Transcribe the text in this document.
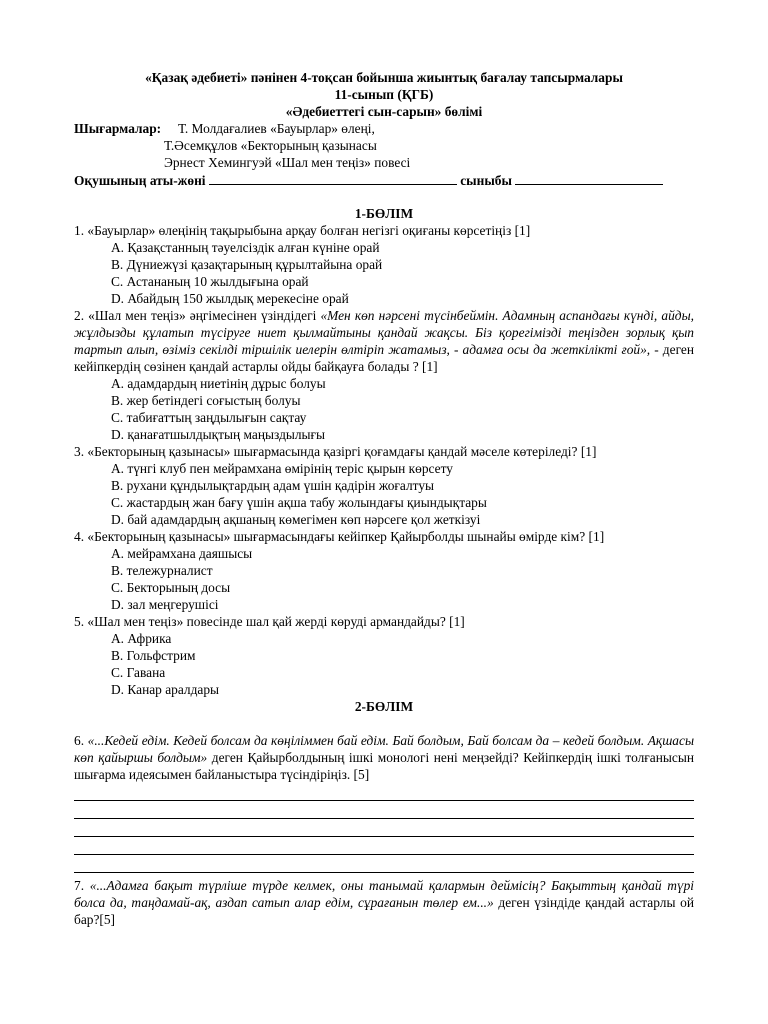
«Қазақ әдебиеті» пәнінен 4-тоқсан бойынша жиынтық бағалау тапсырмалары
11-сынып (ҚГБ)
«Әдебиеттегі сын-сарын» бөлімі
Шығармалар: Т. Молдағалиев «Бауырлар» өлеңі,
Т.Әсемқұлов «Бекторының қазынасы
Эрнест Хемингуэй «Шал мен теңіз» повесі
Оқушының аты-жөні	сыныбы
1-БӨЛІМ
1. «Бауырлар» өлеңінің тақырыбына арқау болған негізгі оқиғаны көрсетіңіз [1]
A. Қазақстанның тәуелсіздік алған күніне орай
B. Дүниежүзі қазақтарының құрылтайына орай
C. Астананың 10 жылдығына орай
D. Абайдың 150 жылдық мерекесіне орай
2. «Шал мен теңіз» әңгімесінен үзіндідегі «Мен көп нәрсені түсінбеймін. Адамның аспандағы күнді, айды, жұлдызды құлатып түсіруге ниет қылмайтыны қандай жақсы. Біз қорегімізді теңізден зорлық қып тартып алып, өзіміз секілді тіршілік иелерін өлтіріп жатамыз, - адамға осы да жеткілікті ғой», - деген кейіпкердің сөзінен қандай астарлы ойды байқауға болады ? [1]
A. адамдардың ниетінің дұрыс болуы
B. жер бетіндегі соғыстың болуы
C. табиғаттың заңдылығын сақтау
D. қанағатшылдықтың маңыздылығы
3. «Бекторының қазынасы» шығармасында қазіргі қоғамдағы қандай мәселе көтеріледі? [1]
A. түнгі клуб пен мейрамхана өмірінің теріс қырын көрсету
B. рухани құндылықтардың адам үшін қадірін жоғалтуы
C. жастардың жан бағу үшін ақша табу жолындағы қиындықтары
D. бай адамдардың ақшаның көмегімен көп нәрсеге қол жеткізуі
4. «Бекторының қазынасы» шығармасындағы кейіпкер Қайырболды шынайы өмірде кім? [1]
A. мейрамхана даяшысы
B. тележурналист
C. Бекторының досы
D. зал меңгерушісі
5. «Шал мен теңіз» повесінде шал қай жерді көруді армандайды? [1]
A. Африка
B. Гольфстрим
C. Гавана
D. Канар аралдары
2-БӨЛІМ
6. «...Кедей едім. Кедей болсам да көңіліммен бай едім. Бай болдым, Бай болсам да – кедей болдым. Ақшасы көп қайыршы болдым» деген Қайырболдының ішкі монологі нені меңзейді? Кейіпкердің ішкі толғанысын шығарма идеясымен байланыстыра түсіндіріңіз. [5]
7. «...Адамға бақыт түрліше түрде келмек, оны танымай қалармын деймісің? Бақыттың қандай түрі болса да, таңдамай-ақ, аздап сатып алар едім, сұрағанын төлер ем...» деген үзіндіде қандай астарлы ой бар?[5]
